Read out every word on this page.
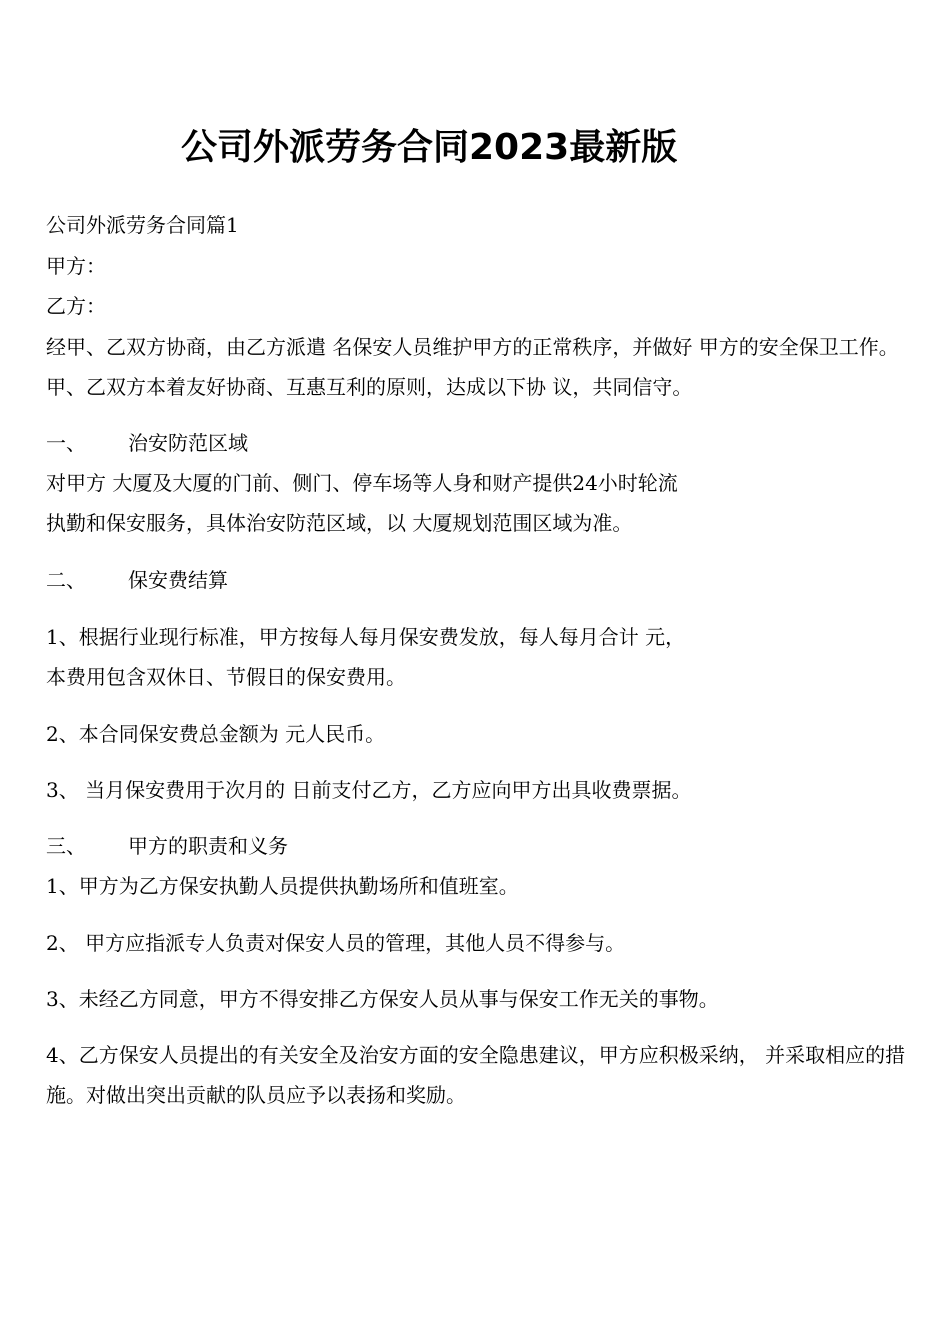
公司外派劳务合同2023最新版
公司外派劳务合同篇1
甲方：
乙方：
经甲、乙双方协商，由乙方派遣 名保安人员维护甲方的正常秩序，并做好 甲方的安全保卫工作。甲、乙双方本着友好协商、互惠互利的原则，达成以下协 议，共同信守。
一、 治安防范区域
对甲方 大厦及大厦的门前、侧门、停车场等人身和财产提供24小时轮流
执勤和保安服务，具体治安防范区域，以 大厦规划范围区域为准。
二、 保安费结算
1、根据行业现行标准，甲方按每人每月保安费发放，每人每月合计 元，
本费用包含双休日、节假日的保安费用。
2、本合同保安费总金额为 元人民币。
3、 当月保安费用于次月的 日前支付乙方，乙方应向甲方出具收费票据。
三、 甲方的职责和义务
1、甲方为乙方保安执勤人员提供执勤场所和值班室。
2、 甲方应指派专人负责对保安人员的管理，其他人员不得参与。
3、未经乙方同意，甲方不得安排乙方保安人员从事与保安工作无关的事物。
4、乙方保安人员提出的有关安全及治安方面的安全隐患建议，甲方应积极采纳， 并采取相应的措施。对做出突出贡献的队员应予以表扬和奖励。
